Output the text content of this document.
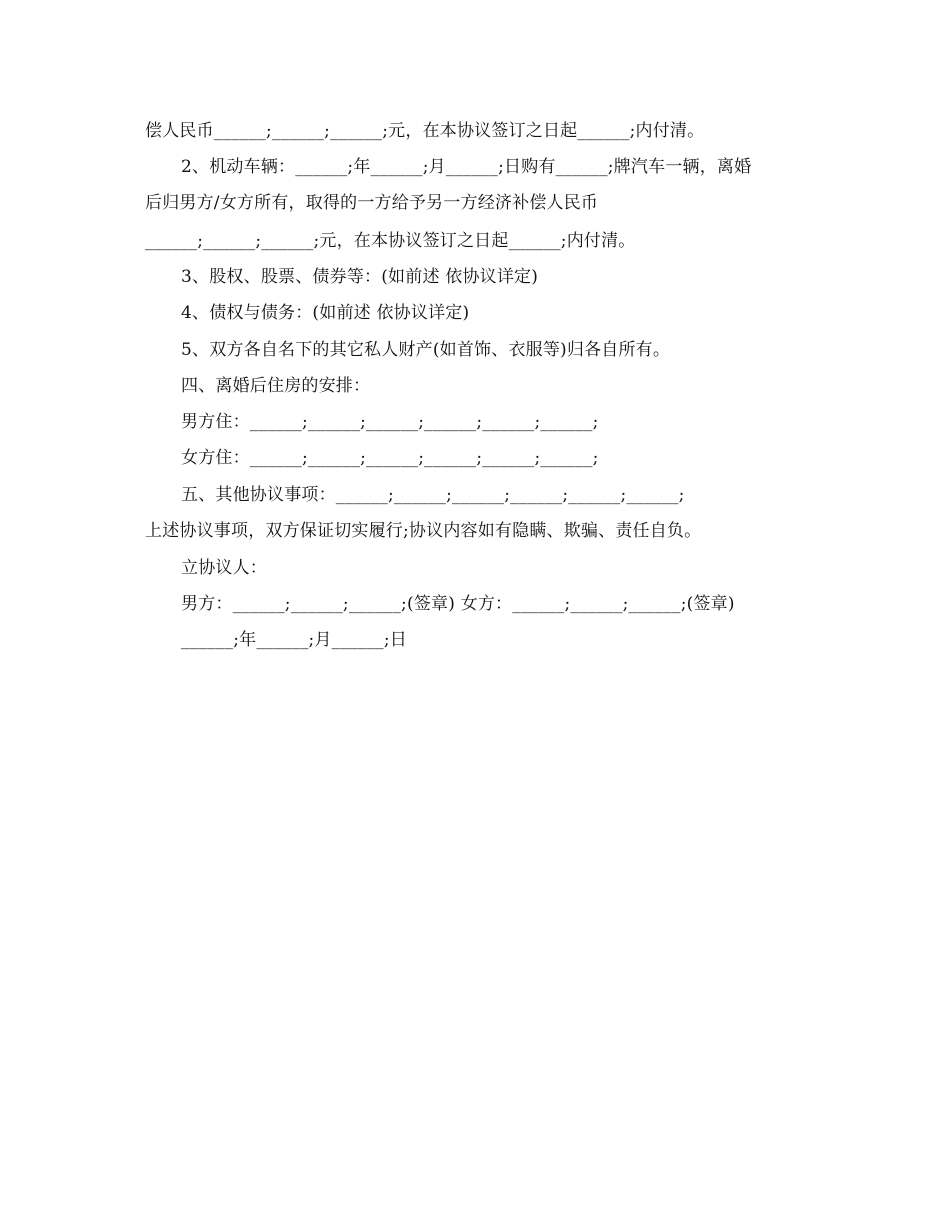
偿人民币______;______;______;元，在本协议签订之日起______;内付清。
2、机动车辆：______;年______;月______;日购有______;牌汽车一辆，离婚
后归男方/女方所有，取得的一方给予另一方经济补偿人民币
______;______;______;元，在本协议签订之日起______;内付清。
3、股权、股票、债券等：(如前述 依协议详定)
4、债权与债务：(如前述 依协议详定)
5、双方各自名下的其它私人财产(如首饰、衣服等)归各自所有。
四、离婚后住房的安排：
男方住：______;______;______;______;______;______;
女方住：______;______;______;______;______;______;
五、其他协议事项：______;______;______;______;______;______;
上述协议事项，双方保证切实履行;协议内容如有隐瞒、欺骗、责任自负。
立协议人：
男方：______;______;______;(签章) 女方：______;______;______;(签章)
______;年______;月______;日
